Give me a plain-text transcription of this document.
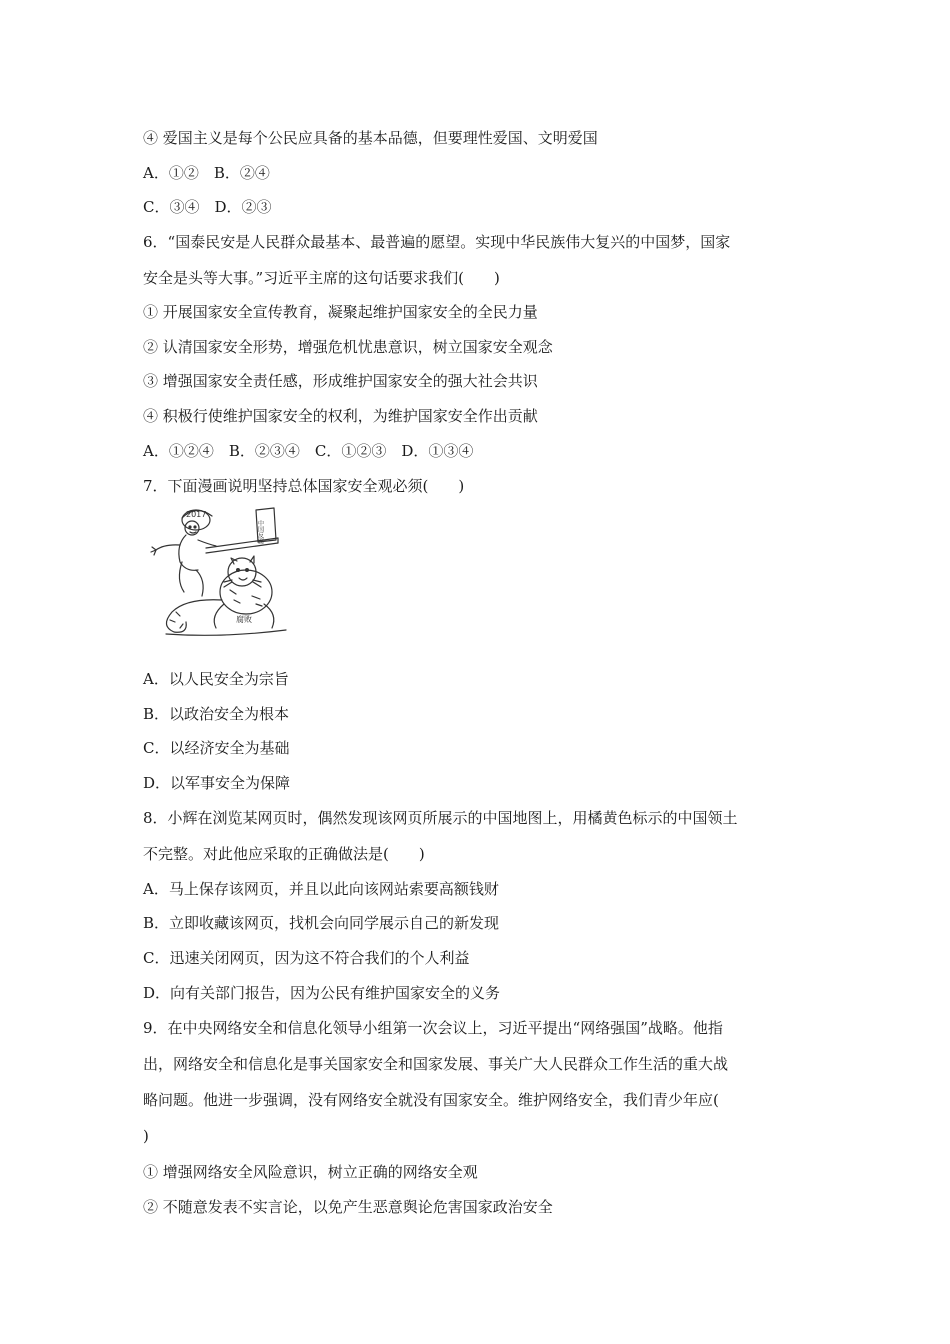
④ 爱国主义是每个公民应具备的基本品德，但要理性爱国、文明爱国
A．①②　B．②④
C．③④　D．②③
6．“国泰民安是人民群众最基本、最普遍的愿望。实现中华民族伟大复兴的中国梦，国家
安全是头等大事。”习近平主席的这句话要求我们(　　)
① 开展国家安全宣传教育，凝聚起维护国家安全的全民力量
② 认清国家安全形势，增强危机忧患意识，树立国家安全观念
③ 增强国家安全责任感，形成维护国家安全的强大社会共识
④ 积极行使维护国家安全的权利，为维护国家安全作出贡献
A．①②④　B．②③④　C．①②③　D．①③④
7．下面漫画说明坚持总体国家安全观必须(　　)
2017
中国反腐
腐败
A．以人民安全为宗旨
B．以政治安全为根本
C．以经济安全为基础
D．以军事安全为保障
8．小辉在浏览某网页时，偶然发现该网页所展示的中国地图上，用橘黄色标示的中国领土
不完整。对此他应采取的正确做法是(　　)
A．马上保存该网页，并且以此向该网站索要高额钱财
B．立即收藏该网页，找机会向同学展示自己的新发现
C．迅速关闭网页，因为这不符合我们的个人利益
D．向有关部门报告，因为公民有维护国家安全的义务
9．在中央网络安全和信息化领导小组第一次会议上，习近平提出“网络强国”战略。他指
出，网络安全和信息化是事关国家安全和国家发展、事关广大人民群众工作生活的重大战
略问题。他进一步强调，没有网络安全就没有国家安全。维护网络安全，我们青少年应(
)
① 增强网络安全风险意识，树立正确的网络安全观
② 不随意发表不实言论，以免产生恶意舆论危害国家政治安全
